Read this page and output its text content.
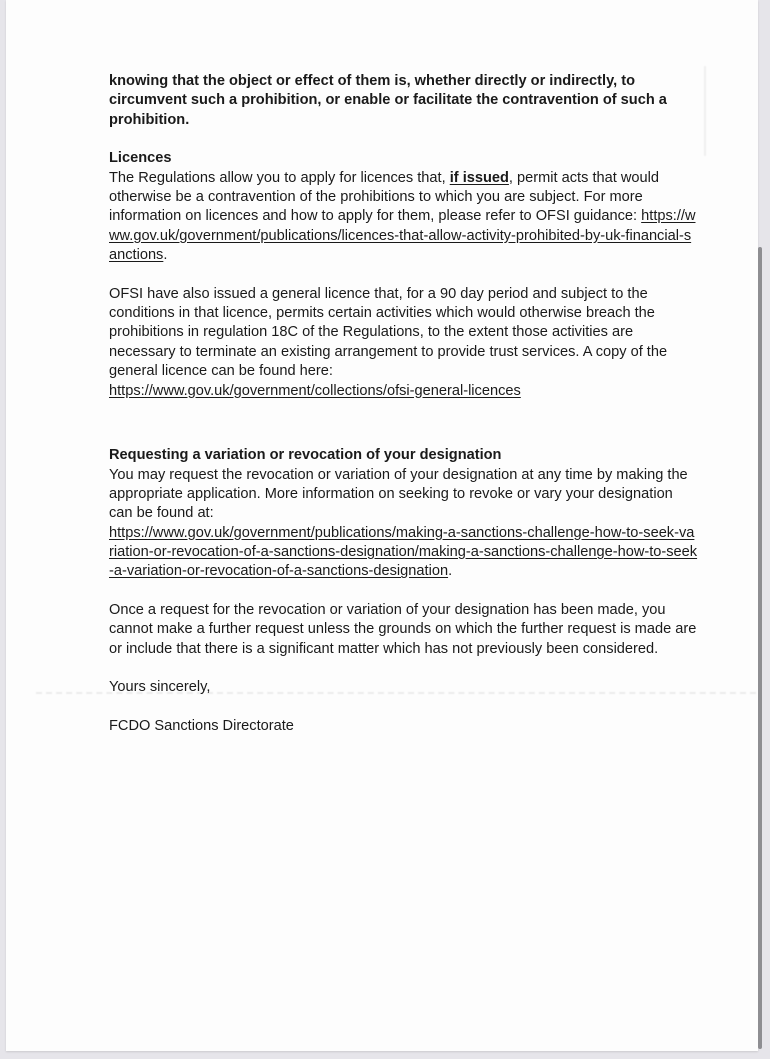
knowing that the object or effect of them is, whether directly or indirectly, to circumvent such a prohibition, or enable or facilitate the contravention of such a prohibition.

Licences

The Regulations allow you to apply for licences that, if issued, permit acts that would otherwise be a contravention of the prohibitions to which you are subject. For more information on licences and how to apply for them, please refer to OFSI guidance: https://www.gov.uk/government/publications/licences-that-allow-activity-prohibited-by-uk-financial-sanctions.

OFSI have also issued a general licence that, for a 90 day period and subject to the conditions in that licence, permits certain activities which would otherwise breach the prohibitions in regulation 18C of the Regulations, to the extent those activities are necessary to terminate an existing arrangement to provide trust services. A copy of the general licence can be found here:

https://www.gov.uk/government/collections/ofsi-general-licences

Requesting a variation or revocation of your designation

You may request the revocation or variation of your designation at any time by making the appropriate application. More information on seeking to revoke or vary your designation can be found at:

https://www.gov.uk/government/publications/making-a-sanctions-challenge-how-to-seek-variation-or-revocation-of-a-sanctions-designation/making-a-sanctions-challenge-how-to-seek-a-variation-or-revocation-of-a-sanctions-designation.

Once a request for the revocation or variation of your designation has been made, you cannot make a further request unless the grounds on which the further request is made are or include that there is a significant matter which has not previously been considered.

Yours sincerely,

FCDO Sanctions Directorate
